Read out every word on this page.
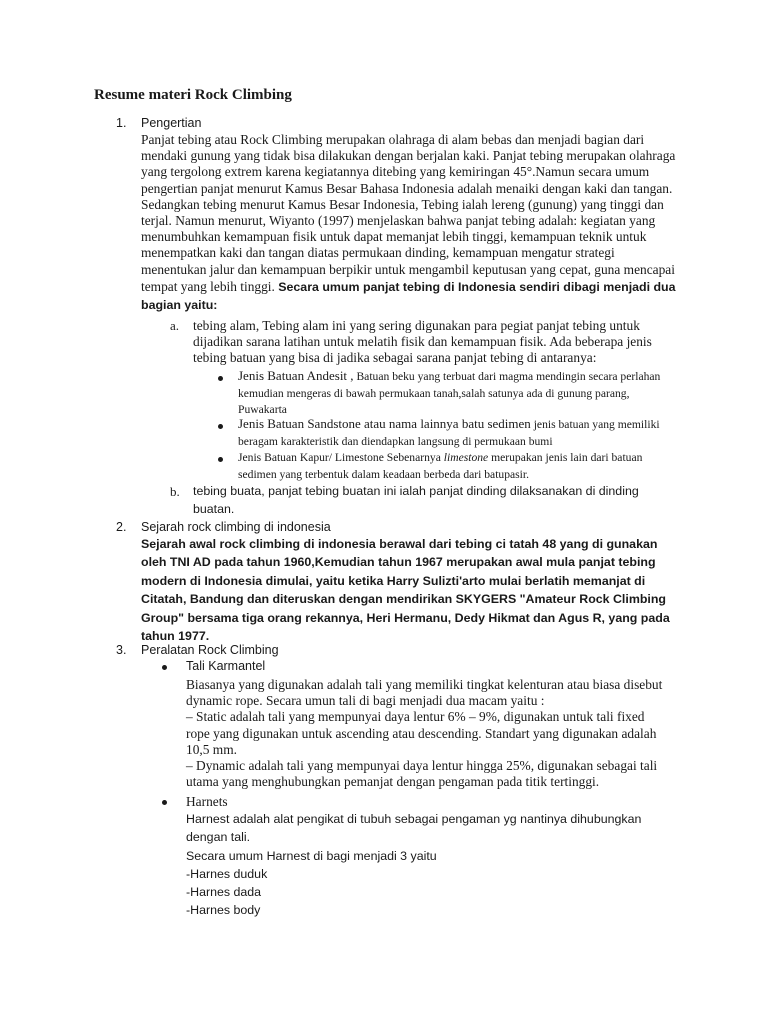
Resume materi Rock Climbing
1. Pengertian
Panjat tebing atau Rock Climbing merupakan olahraga di alam bebas dan menjadi bagian dari mendaki gunung yang tidak bisa dilakukan dengan berjalan kaki. Panjat tebing merupakan olahraga yang tergolong extrem karena kegiatannya ditebing yang kemiringan 45°.Namun secara umum pengertian panjat menurut Kamus Besar Bahasa Indonesia adalah menaiki dengan kaki dan tangan. Sedangkan tebing menurut Kamus Besar Indonesia, Tebing ialah lereng (gunung) yang tinggi dan terjal. Namun menurut, Wiyanto (1997) menjelaskan bahwa panjat tebing adalah: kegiatan yang menumbuhkan kemampuan fisik untuk dapat memanjat lebih tinggi, kemampuan teknik untuk menempatkan kaki dan tangan diatas permukaan dinding, kemampuan mengatur strategi menentukan jalur dan kemampuan berpikir untuk mengambil keputusan yang cepat, guna mencapai tempat yang lebih tinggi. Secara umum panjat tebing di Indonesia sendiri dibagi menjadi dua bagian yaitu:
a. tebing alam, Tebing alam ini yang sering digunakan para pegiat panjat tebing untuk dijadikan sarana latihan untuk melatih fisik dan kemampuan fisik. Ada beberapa jenis tebing batuan yang bisa di jadika sebagai sarana panjat tebing di antaranya:
Jenis Batuan Andesit , Batuan beku yang terbuat dari magma mendingin secara perlahan kemudian mengeras di bawah permukaan tanah,salah satunya ada di gunung parang, Puwakarta
Jenis Batuan Sandstone atau nama lainnya batu sedimen jenis batuan yang memiliki beragam karakteristik dan diendapkan langsung di permukaan bumi
Jenis Batuan Kapur/ Limestone Sebenarnya limestone merupakan jenis lain dari batuan sedimen yang terbentuk dalam keadaan berbeda dari batupasir.
b. tebing buata, panjat tebing buatan ini ialah panjat dinding dilaksanakan di dinding buatan.
2. Sejarah rock climbing di indonesia
Sejarah awal rock climbing di indonesia berawal dari tebing ci tatah 48 yang di gunakan oleh TNI AD pada tahun 1960,Kemudian tahun 1967 merupakan awal mula panjat tebing modern di Indonesia dimulai, yaitu ketika Harry Sulizti'arto mulai berlatih memanjat di Citatah, Bandung dan diteruskan dengan mendirikan SKYGERS "Amateur Rock Climbing Group" bersama tiga orang rekannya, Heri Hermanu, Dedy Hikmat dan Agus R, yang pada tahun 1977.
3. Peralatan Rock Climbing
Tali Karmantel
Biasanya yang digunakan adalah tali yang memiliki tingkat kelenturan atau biasa disebut dynamic rope. Secara umun tali di bagi menjadi dua macam yaitu :
– Static adalah tali yang mempunyai daya lentur 6% – 9%, digunakan untuk tali fixed rope yang digunakan untuk ascending atau descending. Standart yang digunakan adalah 10,5 mm.
– Dynamic adalah tali yang mempunyai daya lentur hingga 25%, digunakan sebagai tali utama yang menghubungkan pemanjat dengan pengaman pada titik tertinggi.
Harnets
Harnest adalah alat pengikat di tubuh sebagai pengaman yg nantinya dihubungkan dengan tali.
Secara umum Harnest di bagi menjadi 3 yaitu
-Harnes duduk
-Harnes dada
-Harnes body
